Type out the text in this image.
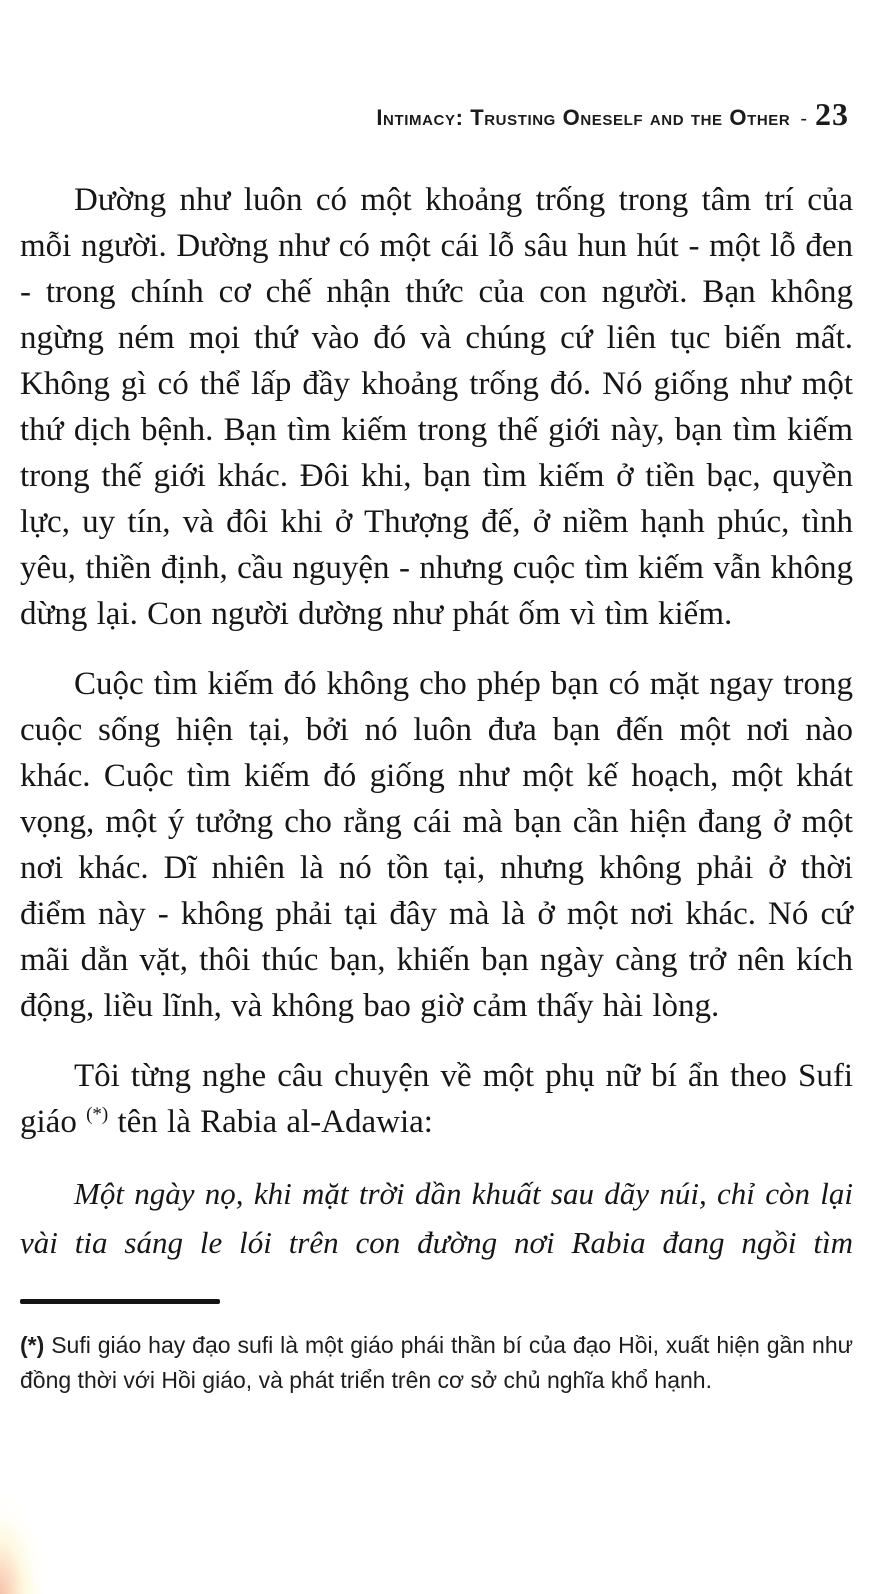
Intimacy: Trusting Oneself and the Other - 23

Dường như luôn có một khoảng trống trong tâm trí của mỗi người. Dường như có một cái lỗ sâu hun hút - một lỗ đen - trong chính cơ chế nhận thức của con người. Bạn không ngừng ném mọi thứ vào đó và chúng cứ liên tục biến mất. Không gì có thể lấp đầy khoảng trống đó. Nó giống như một thứ dịch bệnh. Bạn tìm kiếm trong thế giới này, bạn tìm kiếm trong thế giới khác. Đôi khi, bạn tìm kiếm ở tiền bạc, quyền lực, uy tín, và đôi khi ở Thượng đế, ở niềm hạnh phúc, tình yêu, thiền định, cầu nguyện - nhưng cuộc tìm kiếm vẫn không dừng lại. Con người dường như phát ốm vì tìm kiếm.

Cuộc tìm kiếm đó không cho phép bạn có mặt ngay trong cuộc sống hiện tại, bởi nó luôn đưa bạn đến một nơi nào khác. Cuộc tìm kiếm đó giống như một kế hoạch, một khát vọng, một ý tưởng cho rằng cái mà bạn cần hiện đang ở một nơi khác. Dĩ nhiên là nó tồn tại, nhưng không phải ở thời điểm này - không phải tại đây mà là ở một nơi khác. Nó cứ mãi dằn vặt, thôi thúc bạn, khiến bạn ngày càng trở nên kích động, liều lĩnh, và không bao giờ cảm thấy hài lòng.

Tôi từng nghe câu chuyện về một phụ nữ bí ẩn theo Sufi giáo (*) tên là Rabia al-Adawia:

Một ngày nọ, khi mặt trời dần khuất sau dãy núi, chỉ còn lại vài tia sáng le lói trên con đường nơi Rabia đang ngồi tìm

(*) Sufi giáo hay đạo sufi là một giáo phái thần bí của đạo Hồi, xuất hiện gần như đồng thời với Hồi giáo, và phát triển trên cơ sở chủ nghĩa khổ hạnh.
